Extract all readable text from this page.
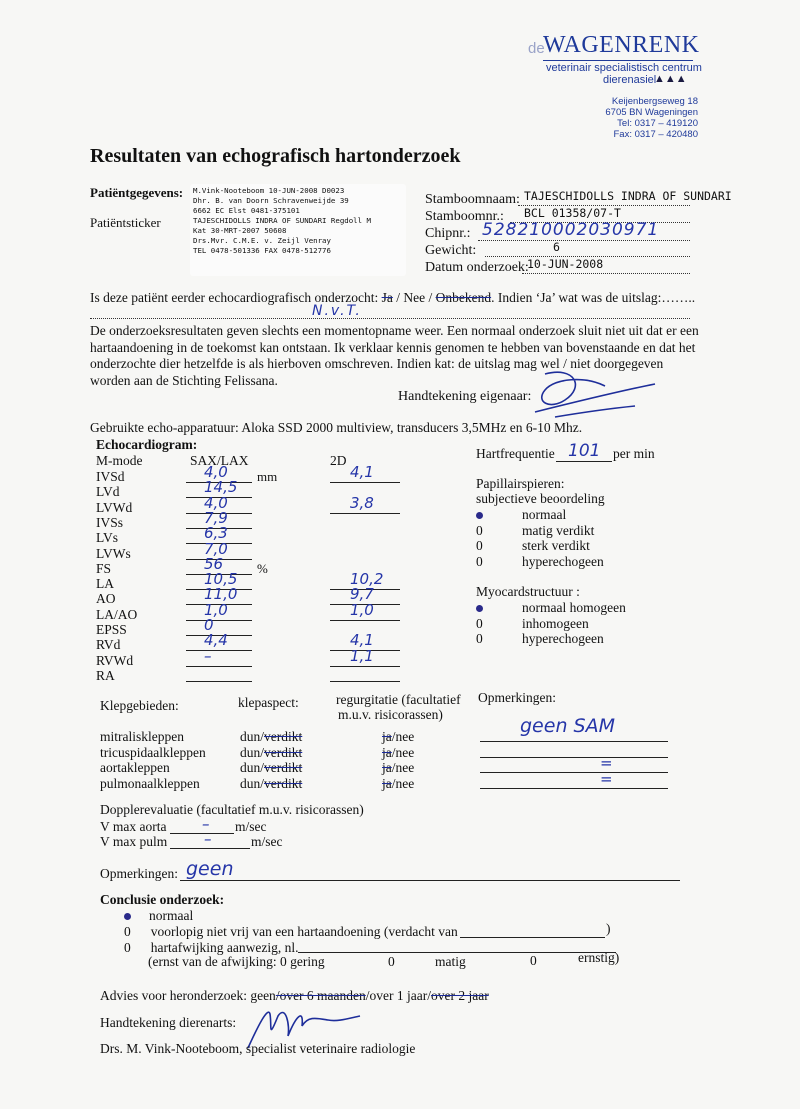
de
WAGENRENK
veterinair specialistisch centrum
dierenasiel
▲▲▲
Keijenbergseweg 18
6705 BN Wageningen
Tel: 0317 – 419120
Fax: 0317 – 420480
Resultaten van echografisch hartonderzoek
Patiëntgegevens:
Patiëntsticker
M.Vink-Nooteboom 10-JUN-2008 D0023
Dhr. B. van Doorn Schravenweijde 39
6662 EC Elst 0481-375101
TAJESCHIDOLLS INDRA OF SUNDARI Regdoll M
Kat 30-MRT-2007 50608
Drs.Mvr. C.M.E. v. Zeijl Venray
TEL 0478-501336 FAX 0478-512776
Stamboomnaam: TAJESCHIDOLLS INDRA OF SUNDARI
Stamboomnr.: BCL 01358/07-T
Chipnr.: 528210002030971
Gewicht:	6
Datum onderzoek:
10-JUN-2008
Is deze patiënt eerder echocardiografisch onderzocht: Ja / Nee / Onbekend. Indien ‘Ja’ wat was de uitslag:……..
N.v.T.
De onderzoeksresultaten geven slechts een momentopname weer. Een normaal onderzoek sluit niet uit dat er een
hartaandoening in de toekomst kan ontstaan. Ik verklaar kennis genomen te hebben van bovenstaande en dat het
onderzochte dier hetzelfde is als hierboven omschreven. Indien kat: de uitslag mag wel / niet doorgegeven
worden aan de Stichting Felissana.
Handtekening eigenaar:
Gebruikte echo-apparatuur: Aloka SSD 2000 multiview, transducers 3,5MHz en 6-10 Mhz.
Echocardiogram:
M-mode	SAX/LAX	2D
IVSd	4,0	4,1
LVd	14,5
LVWd	4,0	3,8
IVSs	7,9
LVs	6,3
LVWs	7,0
FS	56
LA	10,5	10,2
AO	11,0	9,7
LA/AO	1,0	1,0
EPSS	0
RVd	4,4	4,1
RVWd	–	1,1
RA
mm
%
Hartfrequentie 101 per min
Papillairspieren:
subjectieve beoordeling
normaal
0	matig verdikt
0	sterk verdikt
0	hyperechogeen
Myocardstructuur :
normaal homogeen
0	inhomogeen
0	hyperechogeen
Klepgebieden:	klepaspect:	regurgitatie (facultatief
m.u.v. risicorassen)
Opmerkingen:
mitraliskleppen	dun/verdikt	ja/nee	geen SAM
tricuspidaalkleppen	dun/verdikt	ja/nee
aortakleppen	dun/verdikt	ja/nee	=
pulmonaalkleppen	dun/verdikt	ja/nee	=
Dopplerevaluatie (facultatief m.u.v. risicorassen)
V max aorta – m/sec
V max pulm –	m/sec
Opmerkingen: geen
Conclusie onderzoek:
normaal
0 voorlopig niet vrij van een hartaandoening (verdacht van	)
0 hartafwijking aanwezig, nl.
(ernst van de afwijking: 0 gering	0	matig	0	ernstig)
Advies voor heronderzoek: geen/over 6 maanden/over 1 jaar/over 2 jaar
Handtekening dierenarts:
Drs. M. Vink-Nooteboom, specialist veterinaire radiologie
